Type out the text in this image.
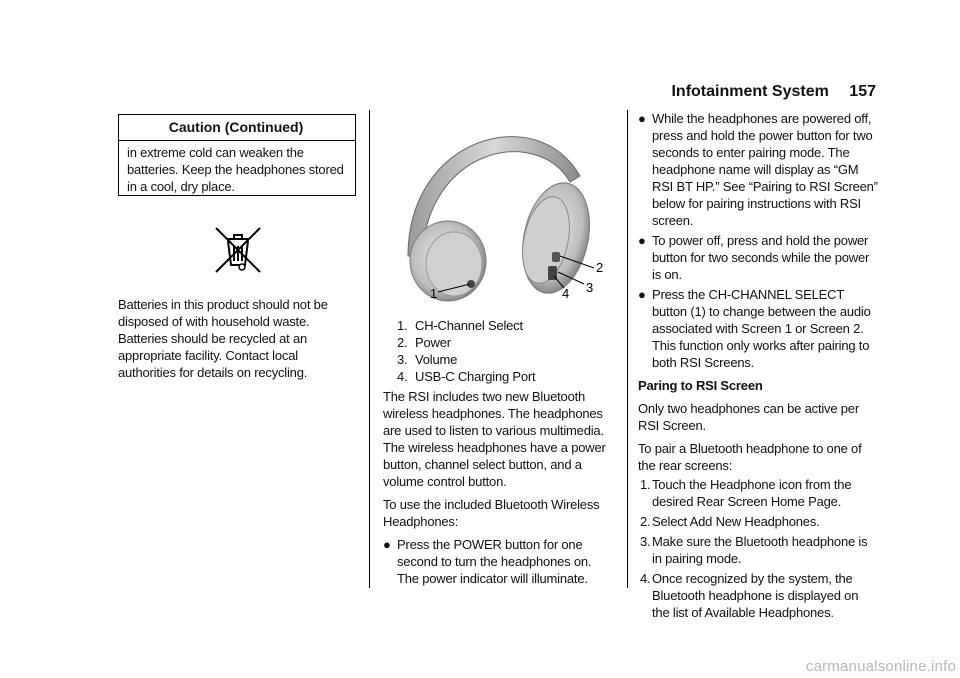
Infotainment System 157
Caution (Continued)
in extreme cold can weaken the batteries. Keep the headphones stored in a cool, dry place.
Batteries in this product should not be disposed of with household waste. Batteries should be recycled at an appropriate facility. Contact local authorities for details on recycling.
1
2
3
4
1. CH-Channel Select
2. Power
3. Volume
4. USB-C Charging Port

The RSI includes two new Bluetooth wireless headphones. The headphones are used to listen to various multimedia. The wireless headphones have a power button, channel select button, and a volume control button.

To use the included Bluetooth Wireless Headphones:

● Press the POWER button for one second to turn the headphones on. The power indicator will illuminate.
● While the headphones are powered off, press and hold the power button for two seconds to enter pairing mode. The headphone name will display as “GM RSI BT HP.” See “Pairing to RSI Screen” below for pairing instructions with RSI screen.
● To power off, press and hold the power button for two seconds while the power is on.
● Press the CH-CHANNEL SELECT button (1) to change between the audio associated with Screen 1 or Screen 2. This function only works after pairing to both RSI Screens.

Paring to RSI Screen

Only two headphones can be active per RSI Screen.

To pair a Bluetooth headphone to one of the rear screens:

1. Touch the Headphone icon from the desired Rear Screen Home Page.
2. Select Add New Headphones.
3. Make sure the Bluetooth headphone is in pairing mode.
4. Once recognized by the system, the Bluetooth headphone is displayed on the list of Available Headphones.
carmanualsonline.info
